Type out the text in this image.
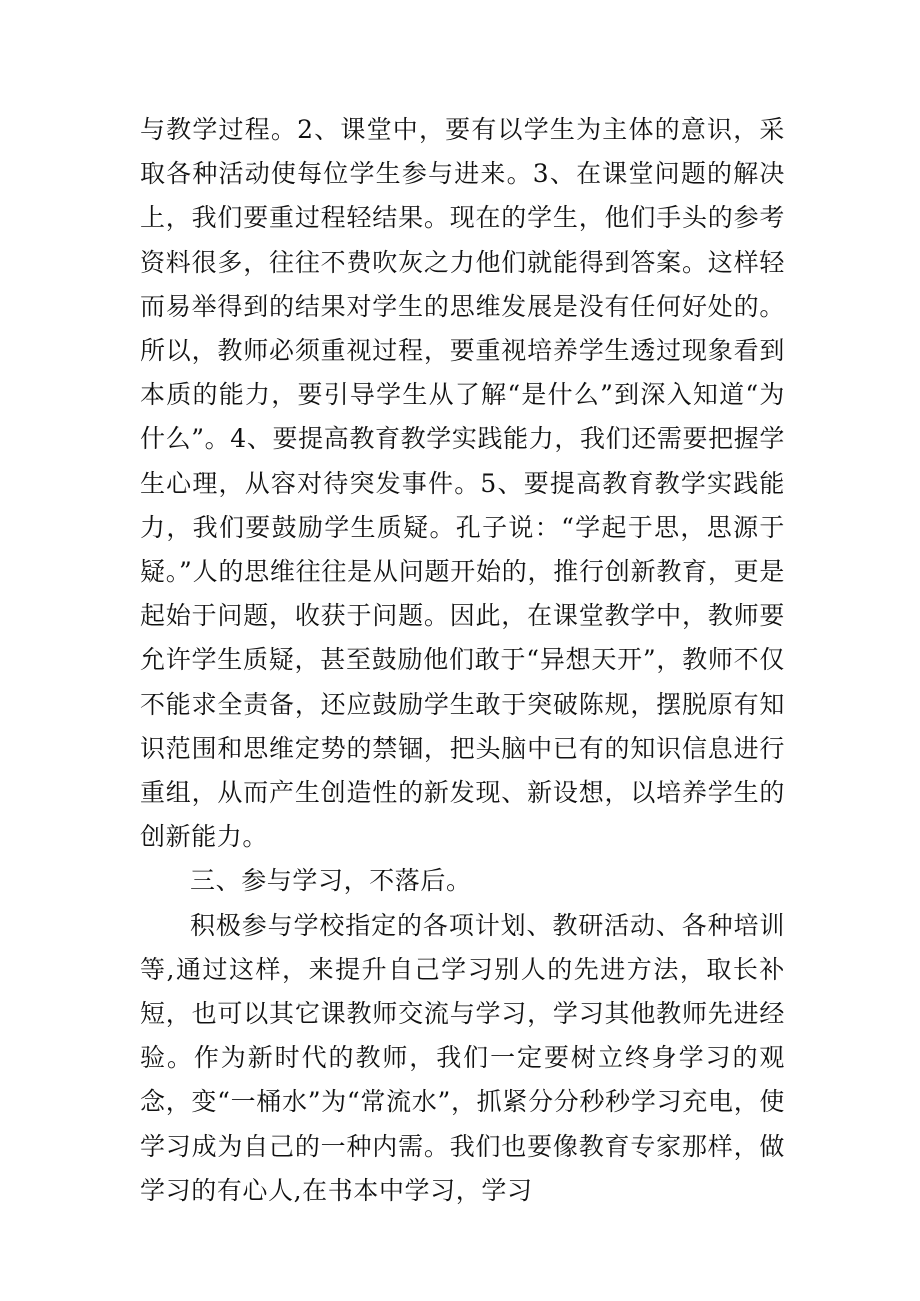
与教学过程。2、课堂中，要有以学生为主体的意识，采取各种活动使每位学生参与进来。3、在课堂问题的解决上，我们要重过程轻结果。现在的学生，他们手头的参考资料很多，往往不费吹灰之力他们就能得到答案。这样轻而易举得到的结果对学生的思维发展是没有任何好处的。所以，教师必须重视过程，要重视培养学生透过现象看到本质的能力，要引导学生从了解“是什么”到深入知道“为什么”。4、要提高教育教学实践能力，我们还需要把握学生心理，从容对待突发事件。5、要提高教育教学实践能力，我们要鼓励学生质疑。孔子说：“学起于思，思源于疑。”人的思维往往是从问题开始的，推行创新教育，更是起始于问题，收获于问题。因此，在课堂教学中，教师要允许学生质疑，甚至鼓励他们敢于“异想天开”，教师不仅不能求全责备，还应鼓励学生敢于突破陈规，摆脱原有知识范围和思维定势的禁锢，把头脑中已有的知识信息进行重组，从而产生创造性的新发现、新设想，以培养学生的创新能力。

三、参与学习，不落后。

积极参与学校指定的各项计划、教研活动、各种培训等,通过这样，来提升自己学习别人的先进方法，取长补短，也可以其它课教师交流与学习，学习其他教师先进经验。作为新时代的教师，我们一定要树立终身学习的观念，变“一桶水”为“常流水”，抓紧分分秒秒学习充电，使学习成为自己的一种内需。我们也要像教育专家那样，做学习的有心人,在书本中学习，学习
